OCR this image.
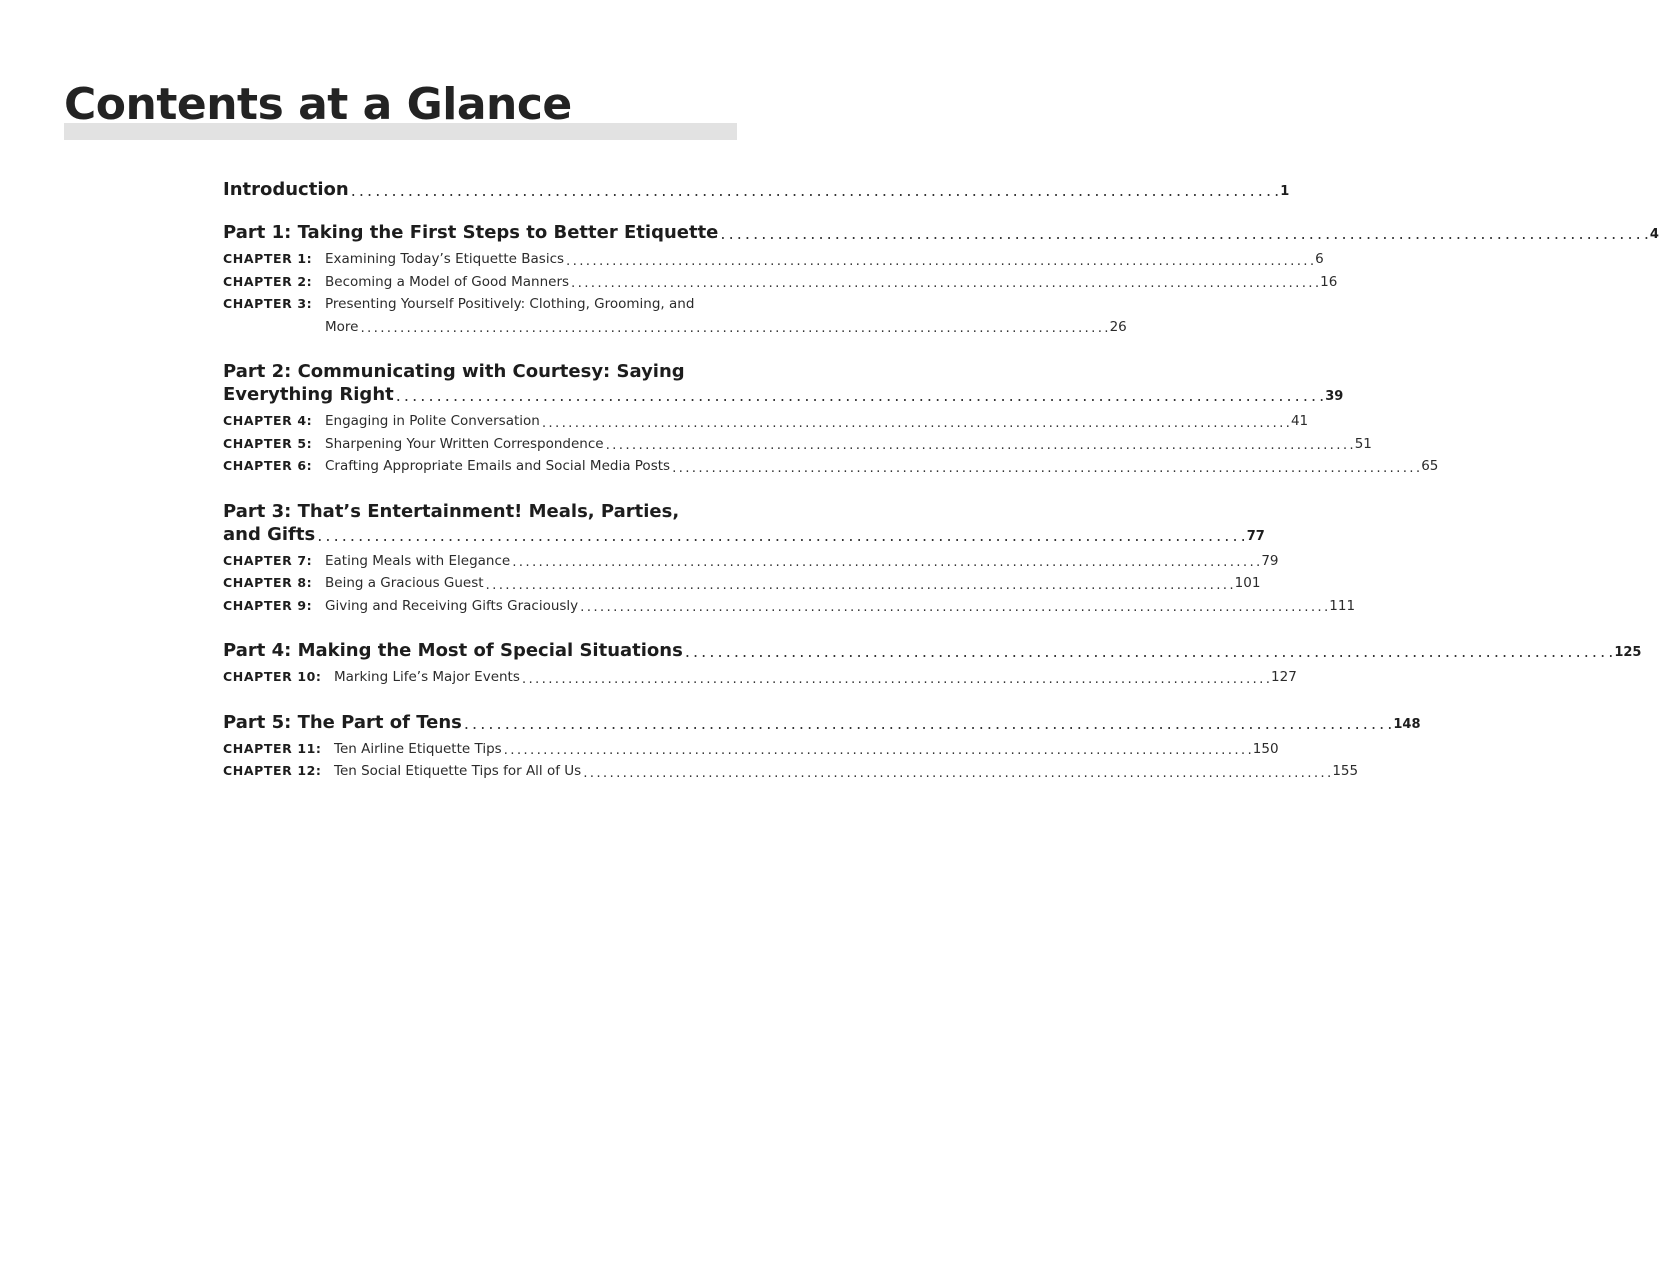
Contents at a Glance
Introduction . . .	1
Part 1: Taking the First Steps to Better Etiquette . . .	4
CHAPTER 1: Examining Today’s Etiquette Basics . . .	6
CHAPTER 2: Becoming a Model of Good Manners . . .	16
CHAPTER 3: Presenting Yourself Positively: Clothing, Grooming, and
More . . .	26
Part 2: Communicating with Courtesy: Saying
Everything Right . . .	39
CHAPTER 4: Engaging in Polite Conversation . . .	41
CHAPTER 5: Sharpening Your Written Correspondence . . .	51
CHAPTER 6: Crafting Appropriate Emails and Social Media Posts . . .	65
Part 3: That’s Entertainment! Meals, Parties,
and Gifts . . .	77
CHAPTER 7: Eating Meals with Elegance . . .	79
CHAPTER 8: Being a Gracious Guest . . .	101
CHAPTER 9: Giving and Receiving Gifts Graciously . . .	111
Part 4: Making the Most of Special Situations . . .	125
CHAPTER 10: Marking Life’s Major Events . . .	127
Part 5: The Part of Tens . . .	148
CHAPTER 11: Ten Airline Etiquette Tips . . .	150
CHAPTER 12: Ten Social Etiquette Tips for All of Us . . .	155
